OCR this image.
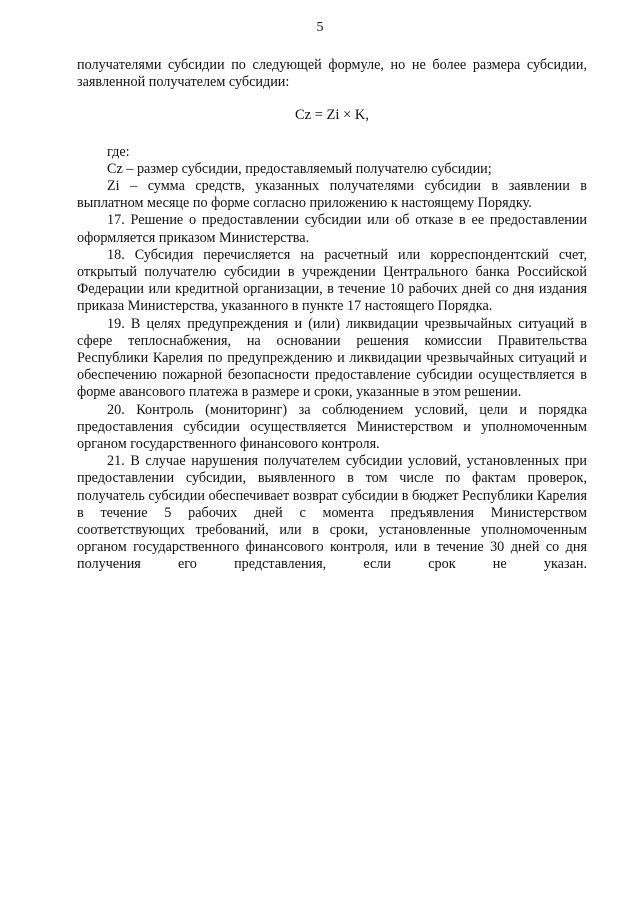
5

получателями субсидии по следующей формуле, но не более размера субсидии, заявленной получателем субсидии:

Cz = Zi × K,

где:

Cz – размер субсидии, предоставляемый получателю субсидии;

Zi – сумма средств, указанных получателями субсидии в заявлении в выплатном месяце по форме согласно приложению к настоящему Порядку.

17. Решение о предоставлении субсидии или об отказе в ее предоставлении оформляется приказом Министерства.

18. Субсидия перечисляется на расчетный или корреспондентский счет, открытый получателю субсидии в учреждении Центрального банка Российской Федерации или кредитной организации, в течение 10 рабочих дней со дня издания приказа Министерства, указанного в пункте 17 настоящего Порядка.

19. В целях предупреждения и (или) ликвидации чрезвычайных ситуаций в сфере теплоснабжения, на основании решения комиссии Правительства Республики Карелия по предупреждению и ликвидации чрезвычайных ситуаций и обеспечению пожарной безопасности предоставление субсидии осуществляется в форме авансового платежа в размере и сроки, указанные в этом решении.

20. Контроль (мониторинг) за соблюдением условий, цели и порядка предоставления субсидии осуществляется Министерством и уполномоченным органом государственного финансового контроля.

21. В случае нарушения получателем субсидии условий, установленных при предоставлении субсидии, выявленного в том числе по фактам проверок, получатель субсидии обеспечивает возврат субсидии в бюджет Республики Карелия в течение 5 рабочих дней с момента предъявления Министерством соответствующих требований, или в сроки, установленные уполномоченным органом государственного финансового контроля, или в течение 30 дней со дня получения его представления, если срок не указан.
